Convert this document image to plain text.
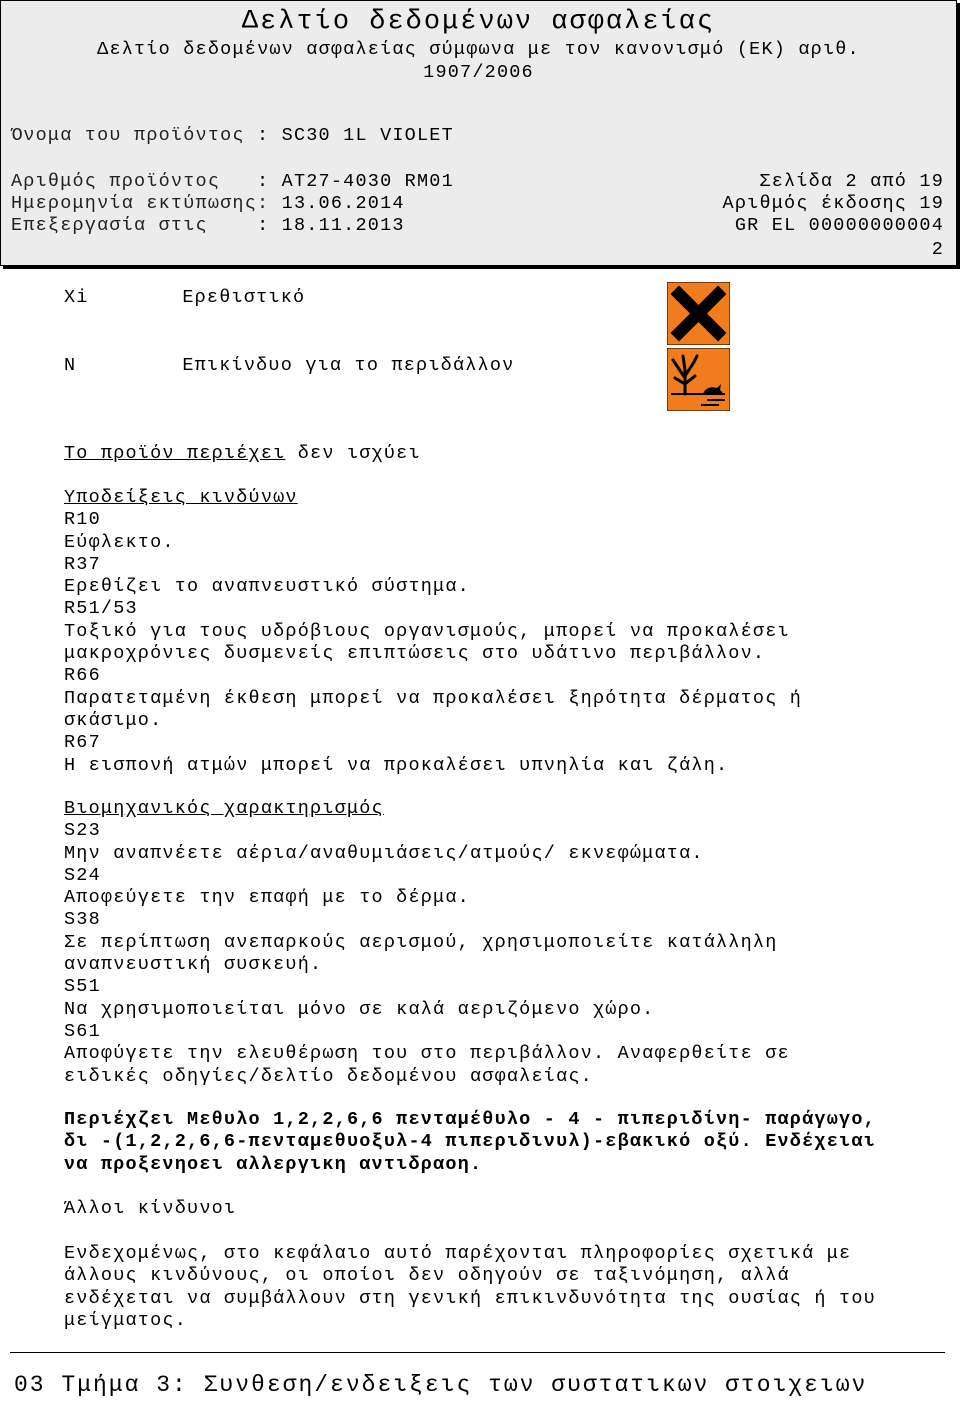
Δελτίο δεδομένων ασφαλείας
Δελτίο δεδομένων ασφαλείας σύμφωνα με τον κανονισμό (ΕΚ) αριθ.
1907/2006
Όνομα του προϊόντος : SC30 1L VIOLET
Αριθμός προϊόντος : AT27-4030 RM01	Σελίδα 2 από 19
Ημερομηνία εκτύπωσης: 13.06.2014	Αριθμός έκδοσης 19
Επεξεργασία στις	: 18.11.2013	GR EL 00000000004
2
Xi	Ερεθιστικό
N	Επικίνδυο για το περιδάλλον
Το προϊόν περιέχει δεν ισχύει
Υποδείξεις κινδύνων
R10
Εύφλεκτο.
R37
Ερεθίζει το αναπνευστικό σύστημα.
R51/53
Τοξικό για τους υδρόβιους οργανισμούς, μπορεί να προκαλέσει
μακροχρόνιες δυσμενείς επιπτώσεις στο υδάτινο περιβάλλον.
R66
Παρατεταμένη έκθεση μπορεί να προκαλέσει ξηρότητα δέρματος ή
σκάσιμο.
R67
Η εισπονή ατμών μπορεί να προκαλέσει υπνηλία και ζάλη.
Βιομηχανικός χαρακτηρισμός
S23
Μην αναπνέετε αέρια/αναθυμιάσεις/ατμούς/ εκνεφώματα.
S24
Αποφεύγετε την επαφή με το δέρμα.
S38
Σε περίπτωση ανεπαρκούς αερισμού, χρησιμοποιείτε κατάλληλη
αναπνευστική συσκευή.
S51
Να χρησιμοποιείται μόνο σε καλά αεριζόμενο χώρο.
S61
Αποφύγετε την ελευθέρωση του στο περιβάλλον. Αναφερθείτε σε
ειδικές οδηγίες/δελτίο δεδομένου ασφαλείας.
Περιέχζει Μεθυλο 1,2,2,6,6 πενταμέθυλο - 4 - πιπεριδίνη- παράγωγο,
δι -(1,2,2,6,6-πενταμεθυοξυλ-4 πιπεριδινυλ)-εβακικό οξύ. Ενδέχειαι
να προξενηοει αλλεργικη αντιδραοη.
Άλλοι κίνδυνοι
Ενδεχομένως, στο κεφάλαιο αυτό παρέχονται πληροφορίες σχετικά με
άλλους κινδύνους, οι οποίοι δεν οδηγούν σε ταξινόμηση, αλλά
ενδέχεται να συμβάλλουν στη γενική επικινδυνότητα της ουσίας ή του
μείγματος.
03 Τμήμα 3: Συνθεση/ενδειξεις των συστατικων στοιχειων
